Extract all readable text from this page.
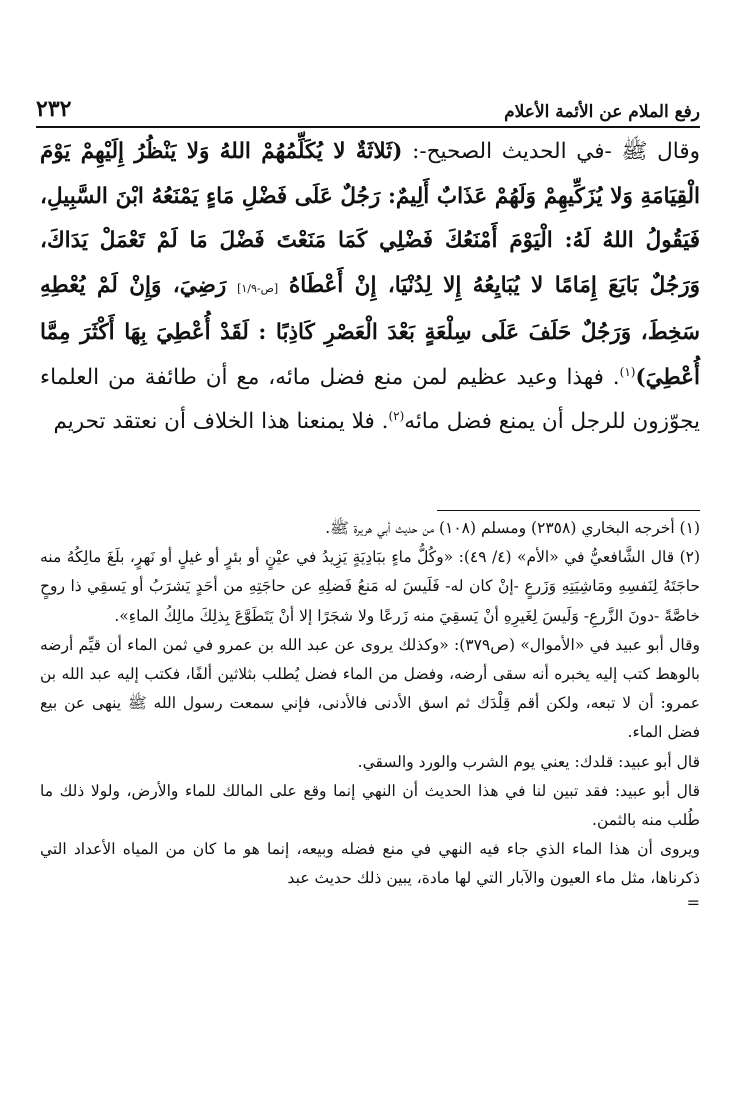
رفع الملام عن الأئمة الأعلام
٢٣٢

وقال ﷺ -في الحديث الصحيح-: (ثَلاثَةٌ لا يُكَلِّمُهُمْ اللهُ وَلا يَنْظُرُ إِلَيْهِمْ يَوْمَ الْقِيَامَةِ وَلا يُزَكِّيهِمْ وَلَهُمْ عَذَابٌ أَلِيمٌ: رَجُلٌ عَلَى فَضْلِ مَاءٍ يَمْنَعُهُ ابْنَ السَّبِيلِ، فَيَقُولُ اللهُ لَهُ: الْيَوْمَ أَمْنَعُكَ فَضْلِي كَمَا مَنَعْتَ فَضْلَ مَا لَمْ تَعْمَلْ يَدَاكَ، وَرَجُلٌ بَايَعَ إِمَامًا لا يُبَايِعُهُ إِلا لِدُنْيَا، إِنْ أَعْطَاهُ [ص-١/٩] رَضِيَ، وَإِنْ لَمْ يُعْطِهِ سَخِطَ، وَرَجُلٌ حَلَفَ عَلَى سِلْعَةٍ بَعْدَ الْعَصْرِ كَاذِبًا : لَقَدْ أُعْطِيَ بِهَا أَكْثَرَ مِمَّا أُعْطِيَ)$^{(١)}$. فهذا وعيد عظيم لمن منع فضل مائه، مع أن طائفة من العلماء يجوّزون للرجل أن يمنع فضل مائه$^{(٢)}$. فلا يمنعنا هذا الخلاف أن نعتقد تحريم

(١) أخرجه البخاري (٢٣٥٨) ومسلم (١٠٨) من حديث أبي هريرة ﷺ.

(٢) قال الشَّافعيُّ في «الأم» (٤/ ٤٩): «وكُلُّ ماءٍ ببَادِيَةٍ يَزِيدُ في عيْنٍ أو بئرٍ أو غيلٍ أو نَهرٍ، بلَغَ مالِكُهُ منه حاجَتَهُ لِنَفسِهِ ومَاشِيَتِهِ وَزَرعٍ -إنْ كان له- فَلَيسَ له مَنعُ فَضلِهِ عن حاجَتِهِ من أحَدٍ يَشرَبُ أو يَسقِي ذا روحٍ خاصَّةً -دونَ الزَّرعِ- وَلَيسَ لِغَيرِهِ أنْ يَسقِيَ منه زَرعًا ولا شجَرًا إلا أنْ يَتَطَوَّعَ بِذلِكَ مالِكُ الماءِ».

وقال أبو عبيد في «الأموال» (ص٣٧٩): «وكذلك يروى عن عبد الله بن عمرو في ثمن الماء أن قيِّم أرضه بالوهط كتب إليه يخبره أنه سقى أرضه، وفضل من الماء فضل يُطلب بثلاثين ألفًا، فكتب إليه عبد الله بن عمرو: أن لا تبعه، ولكن أقم قِلْدَك ثم اسق الأدنى فالأدنى، فإني سمعت رسول الله ﷺ ينهى عن بيع فضل الماء.

قال أبو عبيد: قلدك: يعني يوم الشرب والورد والسقي.

قال أبو عبيد: فقد تبين لنا في هذا الحديث أن النهي إنما وقع على المالك للماء والأرض، ولولا ذلك ما طُلب منه بالثمن.

ويروى أن هذا الماء الذي جاء فيه النهي في منع فضله وبيعه، إنما هو ما كان من المياه الأعداد التي ذكرناها، مثل ماء العيون والآبار التي لها مادة، يبين ذلك حديث عبد

=
